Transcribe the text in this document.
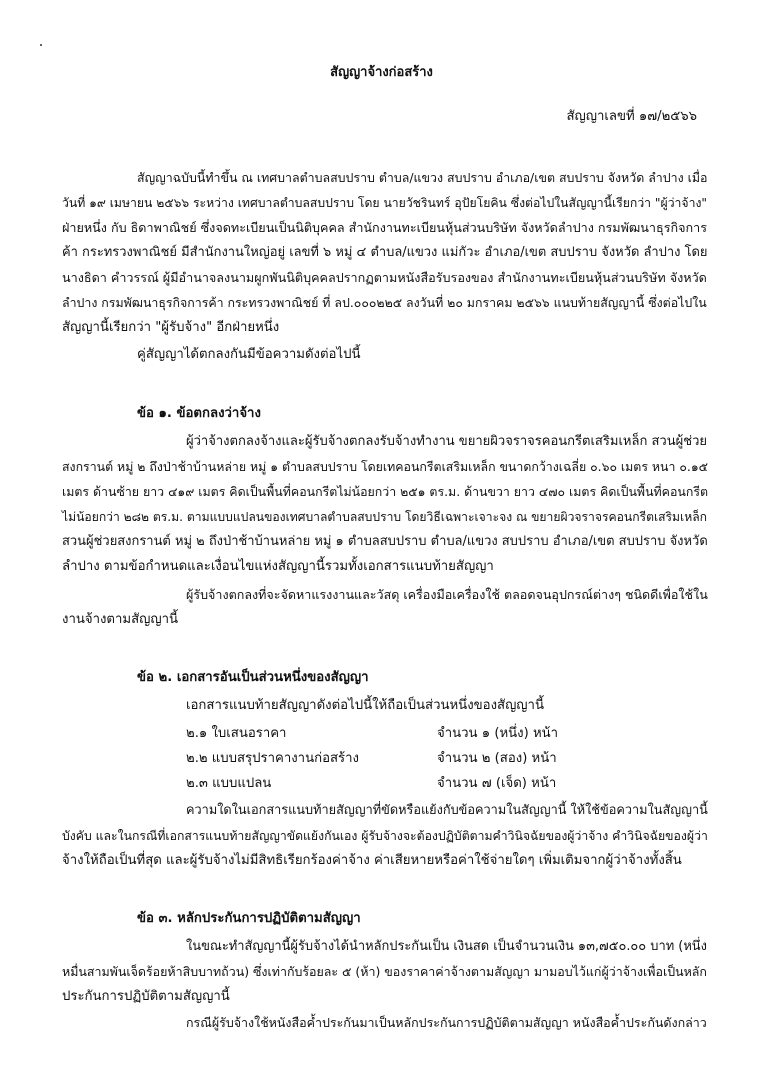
สัญญาจ้างก่อสร้าง
สัญญาเลขที่ ๑๗/๒๕๖๖
สัญญาฉบับนี้ทำขึ้น ณ เทศบาลตำบลสบปราบ ตำบล/แขวง สบปราบ อำเภอ/เขต สบปราบ จังหวัด ลำปาง เมื่อ
วันที่ ๑๙ เมษายน ๒๕๖๖ ระหว่าง เทศบาลตำบลสบปราบ โดย นายวัชรินทร์ อุปัยโยคิน ซึ่งต่อไปในสัญญานี้เรียกว่า "ผู้ว่าจ้าง"
ฝ่ายหนึ่ง กับ ธิดาพาณิชย์ ซึ่งจดทะเบียนเป็นนิติบุคคล สำนักงานทะเบียนหุ้นส่วนบริษัท จังหวัดลำปาง กรมพัฒนาธุรกิจการ
ค้า กระทรวงพาณิชย์ มีสำนักงานใหญ่อยู่ เลขที่ ๖ หมู่ ๔ ตำบล/แขวง แม่กัวะ อำเภอ/เขต สบปราบ จังหวัด ลำปาง โดย
นางธิดา คำวรรณ์ ผู้มีอำนาจลงนามผูกพันนิติบุคคลปรากฏตามหนังสือรับรองของ สำนักงานทะเบียนหุ้นส่วนบริษัท จังหวัด
ลำปาง กรมพัฒนาธุรกิจการค้า กระทรวงพาณิชย์ ที่ ลป.๐๐๐๒๒๕ ลงวันที่ ๒๐ มกราคม ๒๕๖๖ แนบท้ายสัญญานี้ ซึ่งต่อไปใน
สัญญานี้เรียกว่า "ผู้รับจ้าง" อีกฝ่ายหนึ่ง
คู่สัญญาได้ตกลงกันมีข้อความดังต่อไปนี้
ข้อ ๑. ข้อตกลงว่าจ้าง
ผู้ว่าจ้างตกลงจ้างและผู้รับจ้างตกลงรับจ้างทำงาน ขยายผิวจราจรคอนกรีตเสริมเหล็ก สวนผู้ช่วย
สงกรานต์ หมู่ ๒ ถึงป่าช้าบ้านหล่าย หมู่ ๑ ตำบลสบปราบ โดยเทคอนกรีตเสริมเหล็ก ขนาดกว้างเฉลี่ย ๐.๖๐ เมตร หนา ๐.๑๕
เมตร ด้านซ้าย ยาว ๔๑๙ เมตร คิดเป็นพื้นที่คอนกรีตไม่น้อยกว่า ๒๕๑ ตร.ม. ด้านขวา ยาว ๔๗๐ เมตร คิดเป็นพื้นที่คอนกรีต
ไม่น้อยกว่า ๒๘๒ ตร.ม. ตามแบบแปลนของเทศบาลตำบลสบปราบ โดยวิธีเฉพาะเจาะจง ณ ขยายผิวจราจรคอนกรีตเสริมเหล็ก
สวนผู้ช่วยสงกรานต์ หมู่ ๒ ถึงป่าช้าบ้านหล่าย หมู่ ๑ ตำบลสบปราบ ตำบล/แขวง สบปราบ อำเภอ/เขต สบปราบ จังหวัด
ลำปาง ตามข้อกำหนดและเงื่อนไขแห่งสัญญานี้รวมทั้งเอกสารแนบท้ายสัญญา
ผู้รับจ้างตกลงที่จะจัดหาแรงงานและวัสดุ เครื่องมือเครื่องใช้ ตลอดจนอุปกรณ์ต่างๆ ชนิดดีเพื่อใช้ใน
งานจ้างตามสัญญานี้
ข้อ ๒. เอกสารอันเป็นส่วนหนึ่งของสัญญา
เอกสารแนบท้ายสัญญาดังต่อไปนี้ให้ถือเป็นส่วนหนึ่งของสัญญานี้
๒.๑ ใบเสนอราคา	จำนวน ๑ (หนึ่ง) หน้า
๒.๒ แบบสรุปราคางานก่อสร้าง	จำนวน ๒ (สอง) หน้า
๒.๓ แบบแปลน	จำนวน ๗ (เจ็ด) หน้า
ความใดในเอกสารแนบท้ายสัญญาที่ขัดหรือแย้งกับข้อความในสัญญานี้ ให้ใช้ข้อความในสัญญานี้
บังคับ และในกรณีที่เอกสารแนบท้ายสัญญาขัดแย้งกันเอง ผู้รับจ้างจะต้องปฏิบัติตามคำวินิจฉัยของผู้ว่าจ้าง คำวินิจฉัยของผู้ว่า
จ้างให้ถือเป็นที่สุด และผู้รับจ้างไม่มีสิทธิเรียกร้องค่าจ้าง ค่าเสียหายหรือค่าใช้จ่ายใดๆ เพิ่มเติมจากผู้ว่าจ้างทั้งสิ้น
ข้อ ๓. หลักประกันการปฏิบัติตามสัญญา
ในขณะทำสัญญานี้ผู้รับจ้างได้นำหลักประกันเป็น เงินสด เป็นจำนวนเงิน ๑๓,๗๕๐.๐๐ บาท (หนึ่ง
หมื่นสามพันเจ็ดร้อยห้าสิบบาทถ้วน) ซึ่งเท่ากับร้อยละ ๕ (ห้า) ของราคาค่าจ้างตามสัญญา มามอบไว้แก่ผู้ว่าจ้างเพื่อเป็นหลัก
ประกันการปฏิบัติตามสัญญานี้
กรณีผู้รับจ้างใช้หนังสือค้ำประกันมาเป็นหลักประกันการปฏิบัติตามสัญญา หนังสือค้ำประกันดังกล่าว
